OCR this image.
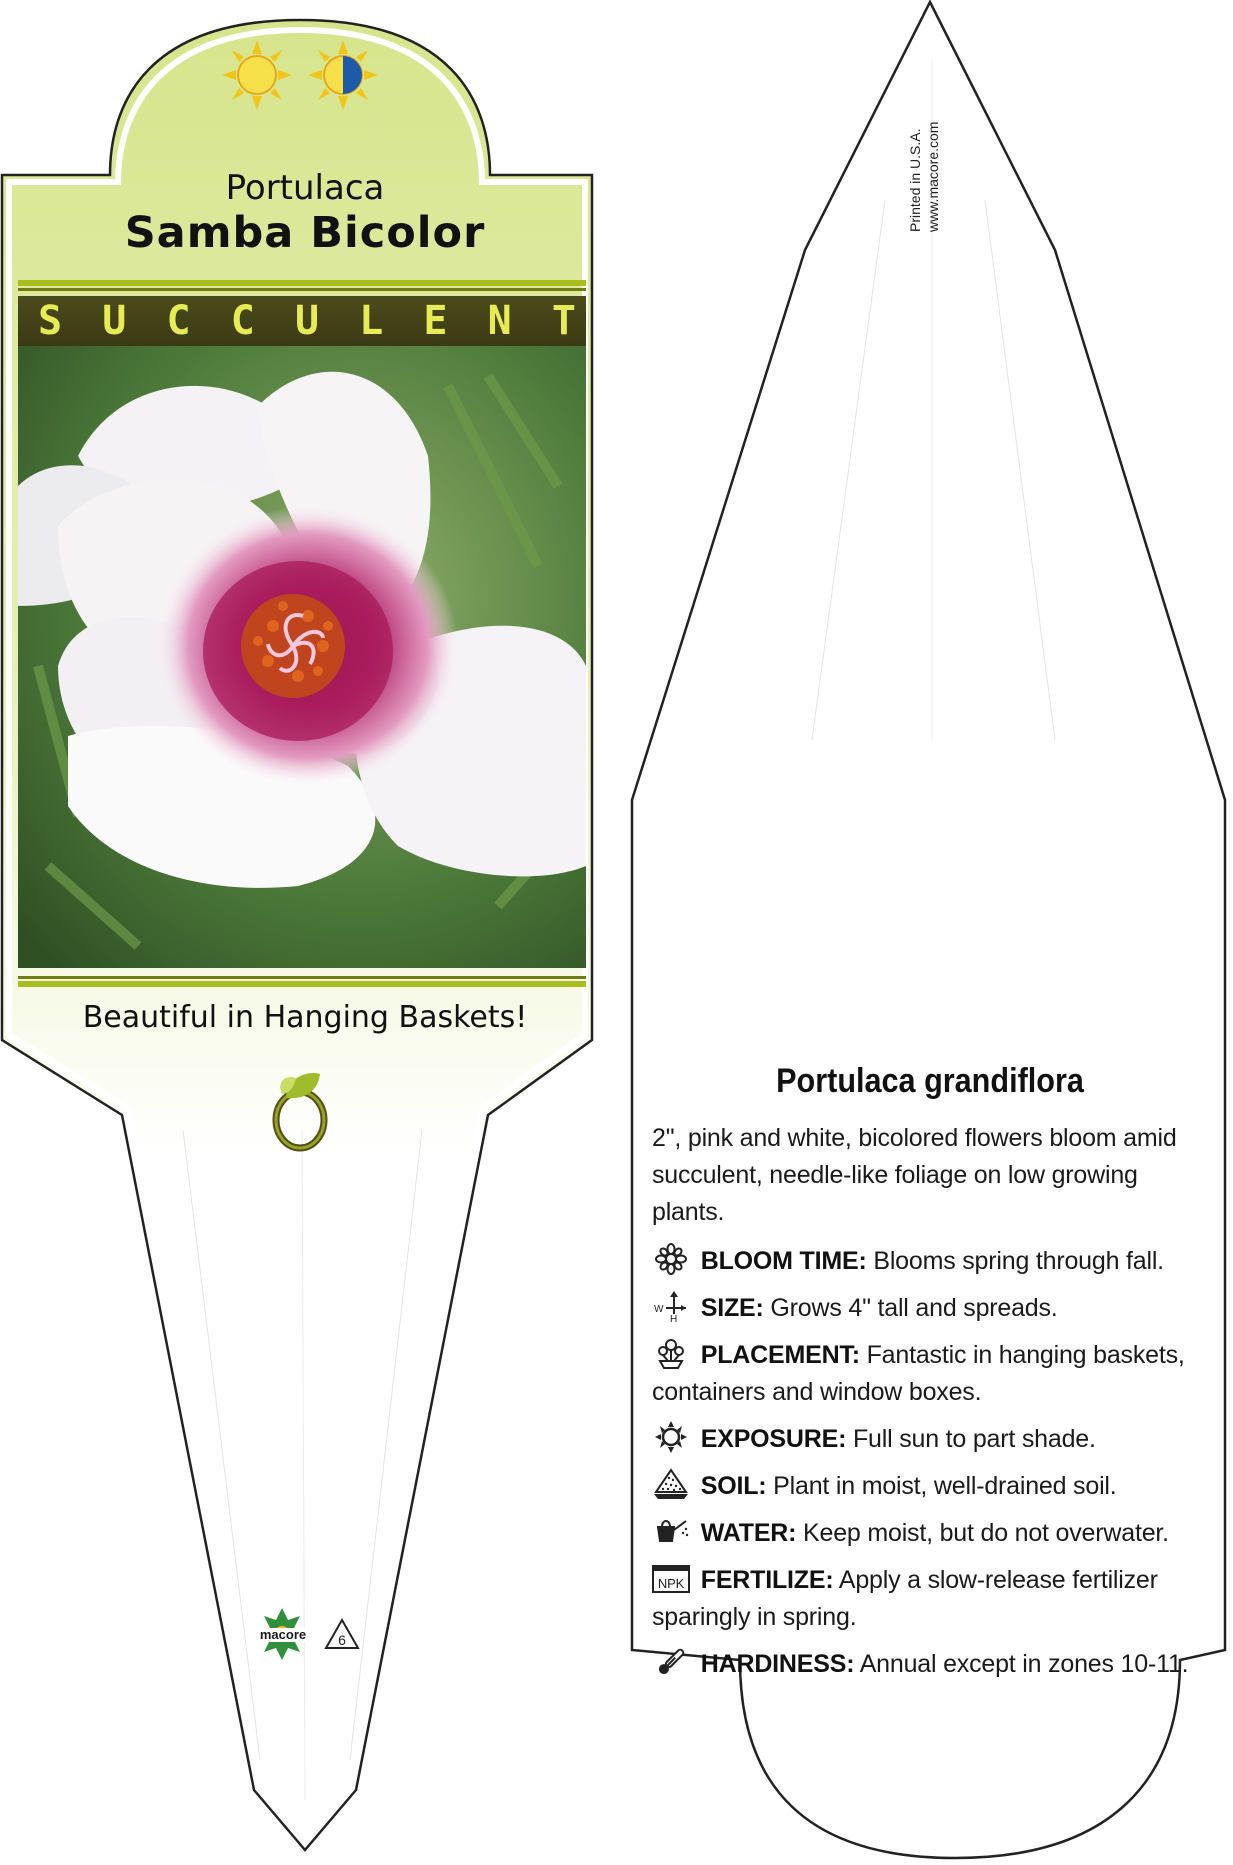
Portulaca
Samba Bicolor
S U C C U L E N T
Beautiful in Hanging Baskets!
macore 6
Printed in U.S.A. www.macore.com
Portulaca grandiflora

2", pink and white, bicolored flowers bloom amid succulent, needle-like foliage on low growing plants.

BLOOM TIME: Blooms spring through fall.
W
H SIZE: Grows 4" tall and spreads.
PLACEMENT: Fantastic in hanging baskets, containers and window boxes.
EXPOSURE: Full sun to part shade.
SOIL: Plant in moist, well-drained soil.
WATER: Keep moist, but do not overwater.
NPK FERTILIZE: Apply a slow-release fertilizer sparingly in spring.
HARDINESS: Annual except in zones 10-11.
